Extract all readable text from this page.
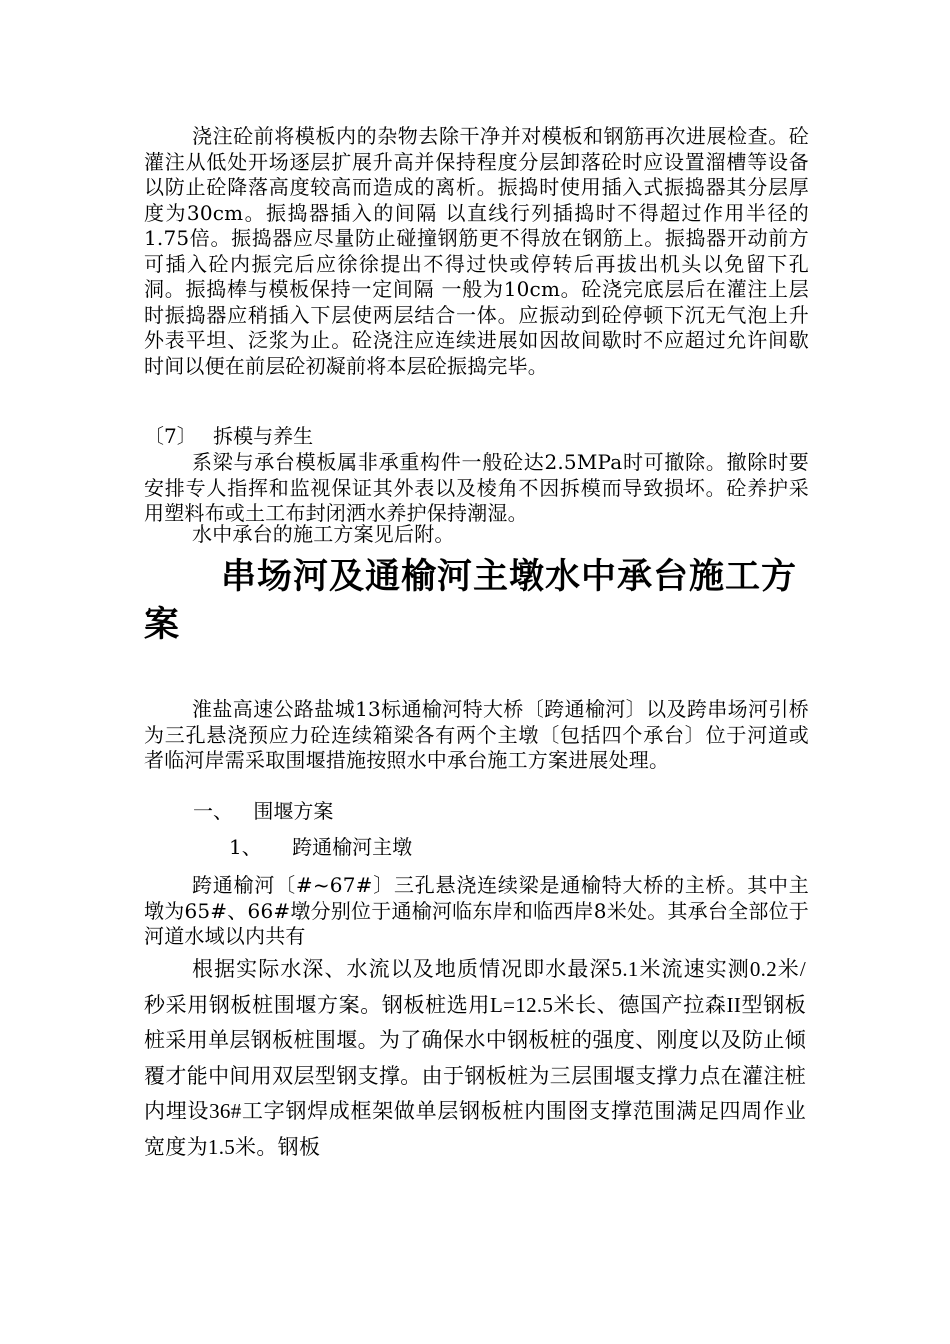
浇注砼前将模板内的杂物去除干净并对模板和钢筋再次进展检查。砼灌注从低处开场逐层扩展升高并保持程度分层卸落砼时应设置溜槽等设备以防止砼降落高度较高而造成的离析。振捣时使用插入式振捣器其分层厚度为30cm。振捣器插入的间隔 以直线行列插捣时不得超过作用半径的1.75倍。振捣器应尽量防止碰撞钢筋更不得放在钢筋上。振捣器开动前方可插入砼内振完后应徐徐提出不得过快或停转后再拔出机头以免留下孔洞。振捣棒与模板保持一定间隔 一般为10cm。砼浇完底层后在灌注上层时振捣器应稍插入下层使两层结合一体。应振动到砼停顿下沉无气泡上升外表平坦、泛浆为止。砼浇注应连续进展如因故间歇时不应超过允许间歇时间以便在前层砼初凝前将本层砼振捣完毕。

〔7〕 拆模与养生

系梁与承台模板属非承重构件一般砼达2.5MPa时可撤除。撤除时要安排专人指挥和监视保证其外表以及棱角不因拆模而导致损坏。砼养护采用塑料布或土工布封闭洒水养护保持潮湿。

水中承台的施工方案见后附。

串场河及通榆河主墩水中承台施工方案

淮盐高速公路盐城13标通榆河特大桥〔跨通榆河〕以及跨串场河引桥为三孔悬浇预应力砼连续箱梁各有两个主墩〔包括四个承台〕位于河道或者临河岸需采取围堰措施按照水中承台施工方案进展处理。

一、 围堰方案
1、 跨通榆河主墩

跨通榆河〔#~67#〕三孔悬浇连续梁是通榆特大桥的主桥。其中主墩为65#、66#墩分别位于通榆河临东岸和临西岸8米处。其承台全部位于河道水域以内共有

根据实际水深、水流以及地质情况即水最深5.1米流速实测0.2米/秒采用钢板桩围堰方案。钢板桩选用L=12.5米长、德国产拉森II型钢板桩采用单层钢板桩围堰。为了确保水中钢板桩的强度、刚度以及防止倾覆才能中间用双层型钢支撑。由于钢板桩为三层围堰支撑力点在灌注桩内埋设36#工字钢焊成框架做单层钢板桩内围囹支撑范围满足四周作业宽度为1.5米。钢板
